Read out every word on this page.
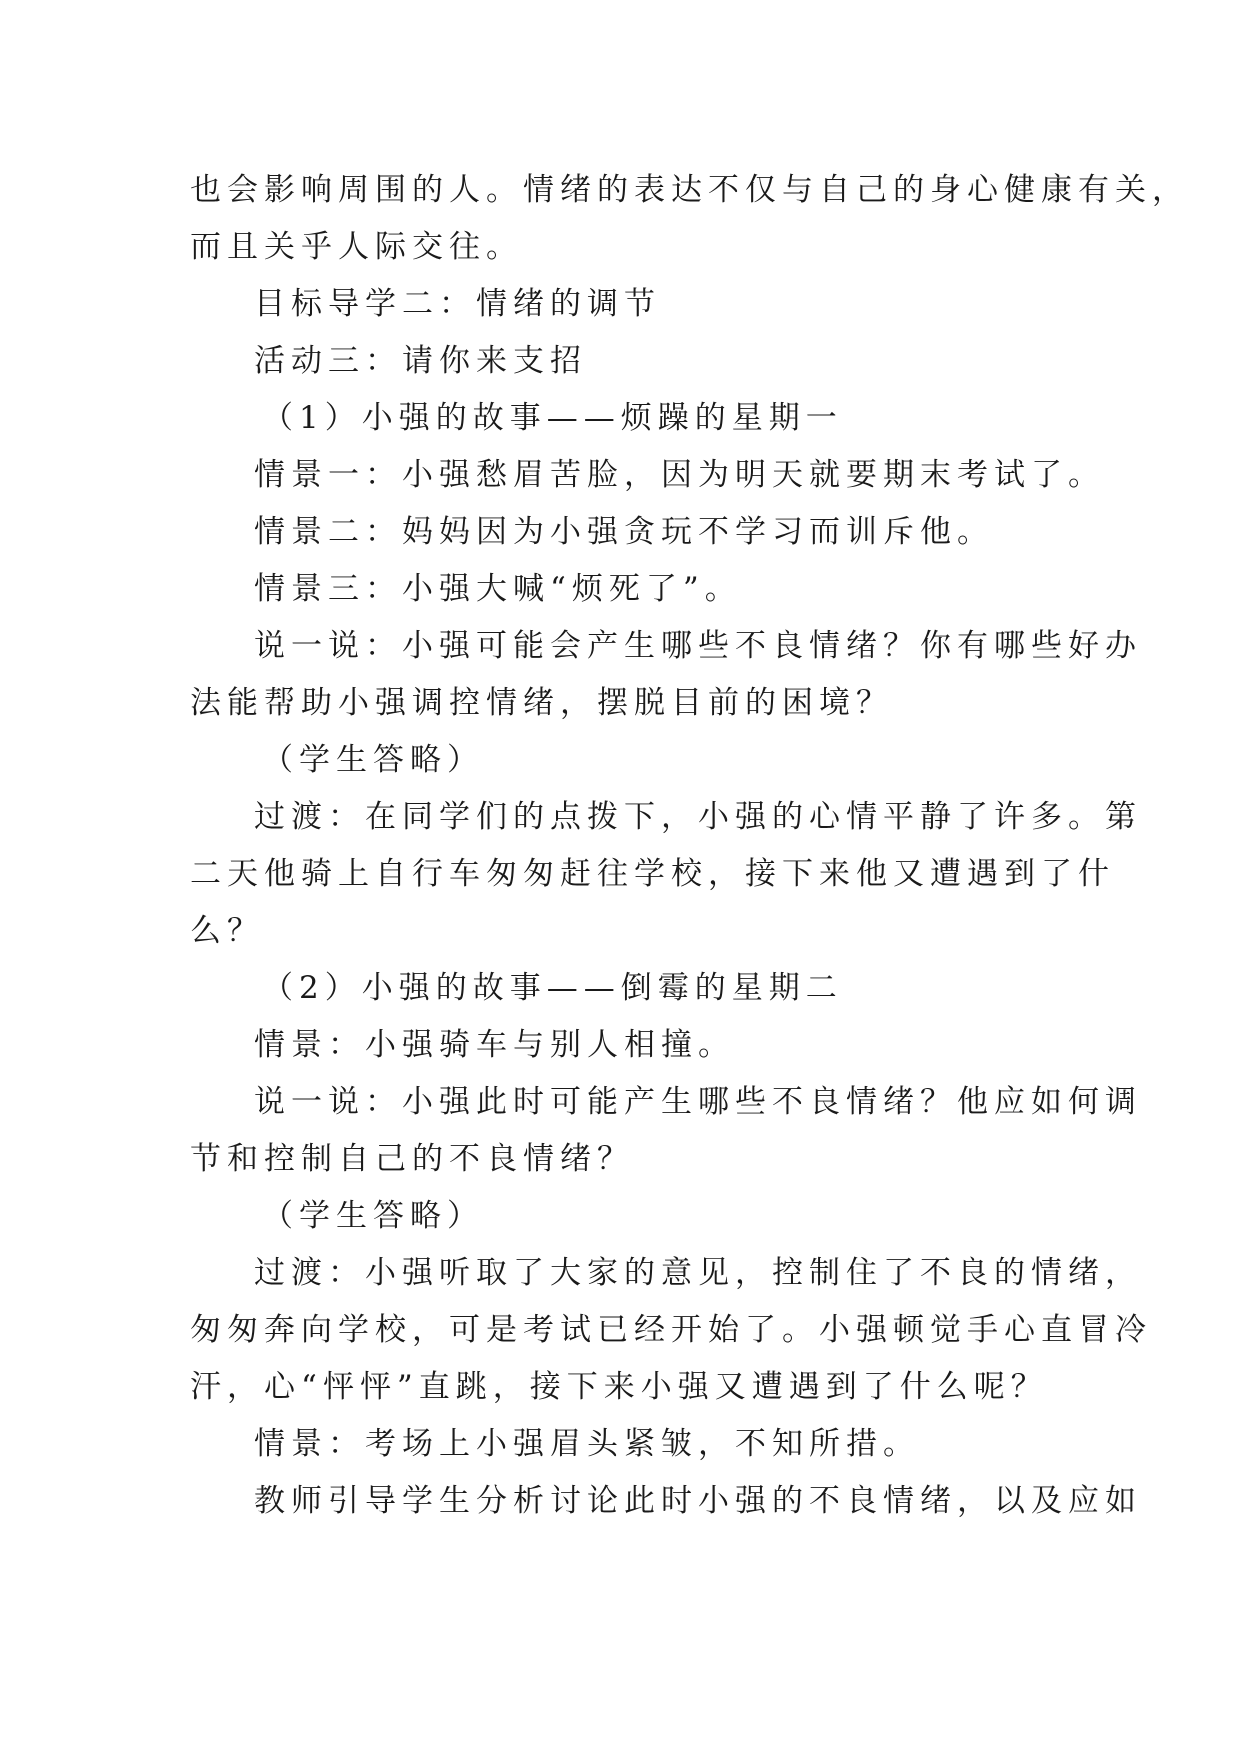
也会影响周围的人。情绪的表达不仅与自己的身心健康有关，
而且关乎人际交往。
目标导学二：情绪的调节
活动三：请你来支招
（1）小强的故事——烦躁的星期一
情景一：小强愁眉苦脸，因为明天就要期末考试了。
情景二：妈妈因为小强贪玩不学习而训斥他。
情景三：小强大喊“烦死了”。
说一说：小强可能会产生哪些不良情绪？你有哪些好办
法能帮助小强调控情绪，摆脱目前的困境？
（学生答略）
过渡：在同学们的点拨下，小强的心情平静了许多。第
二天他骑上自行车匆匆赶往学校，接下来他又遭遇到了什
么？
（2）小强的故事——倒霉的星期二
情景：小强骑车与别人相撞。
说一说：小强此时可能产生哪些不良情绪？他应如何调
节和控制自己的不良情绪？
（学生答略）
过渡：小强听取了大家的意见，控制住了不良的情绪，
匆匆奔向学校，可是考试已经开始了。小强顿觉手心直冒冷
汗，心“怦怦”直跳，接下来小强又遭遇到了什么呢？
情景：考场上小强眉头紧皱，不知所措。
教师引导学生分析讨论此时小强的不良情绪，以及应如
